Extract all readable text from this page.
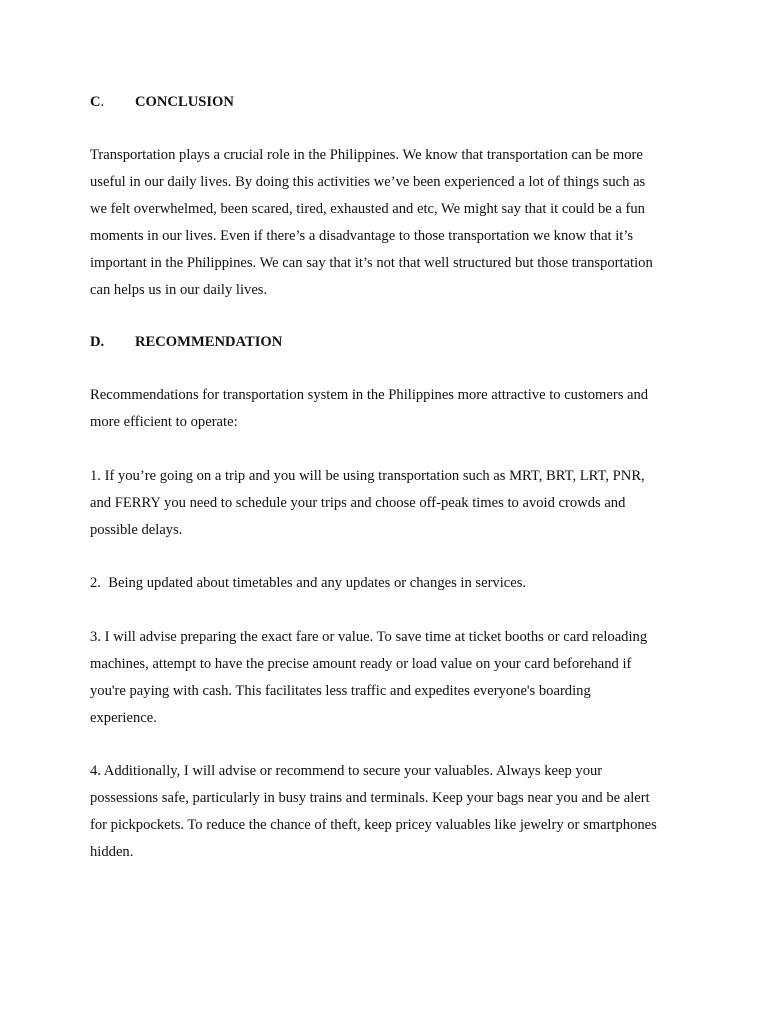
C. CONCLUSION

Transportation plays a crucial role in the Philippines. We know that transportation can be more
useful in our daily lives. By doing this activities we’ve been experienced a lot of things such as
we felt overwhelmed, been scared, tired, exhausted and etc, We might say that it could be a fun
moments in our lives. Even if there’s a disadvantage to those transportation we know that it’s
important in the Philippines. We can say that it’s not that well structured but those transportation
can helps us in our daily lives.

D. RECOMMENDATION

Recommendations for transportation system in the Philippines more attractive to customers and
more efficient to operate:

1. If you’re going on a trip and you will be using transportation such as MRT, BRT, LRT, PNR,
and FERRY you need to schedule your trips and choose off-peak times to avoid crowds and
possible delays.

2.  Being updated about timetables and any updates or changes in services.

3. I will advise preparing the exact fare or value. To save time at ticket booths or card reloading
machines, attempt to have the precise amount ready or load value on your card beforehand if
you're paying with cash. This facilitates less traffic and expedites everyone's boarding
experience.

4. Additionally, I will advise or recommend to secure your valuables. Always keep your
possessions safe, particularly in busy trains and terminals. Keep your bags near you and be alert
for pickpockets. To reduce the chance of theft, keep pricey valuables like jewelry or smartphones
hidden.
